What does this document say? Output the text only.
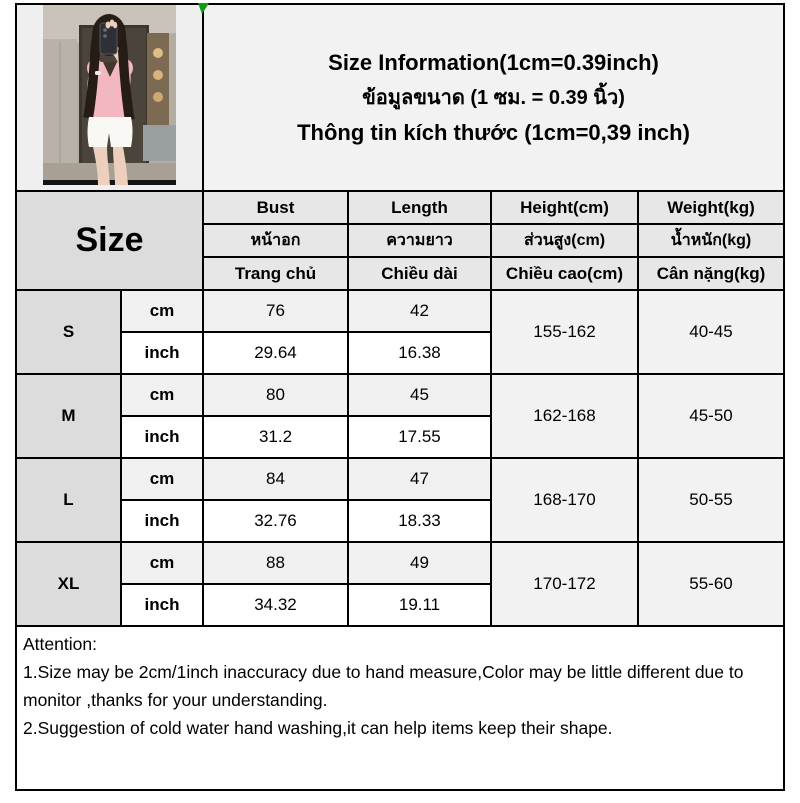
Size Information(1cm=0.39inch)
ข้อมูลขนาด (1 ซม. = 0.39 นิ้ว)
Thông tin kích thước (1cm=0,39 inch)			

Size		Bust	Length	Height(cm)	Weight(kg)
		หน้าอก	ความยาว	ส่วนสูง(cm)	น้ำหนัก(kg)
		Trang chủ	Chiều dài	Chiều cao(cm)	Cân nặng(kg)
S	cm	76	42	155-162	40-45
	inch	29.64	16.38		
M	cm	80	45	162-168	45-50
	inch	31.2	17.55		
L	cm	84	47	168-170	50-55
	inch	32.76	18.33		
XL	cm	88	49	170-172	55-60
	inch	34.32	19.11		

Attention:
1.Size may be 2cm/1inch inaccuracy due to hand measure,Color may be little different due to monitor ,thanks for your understanding.
2.Suggestion of cold water hand washing,it can help items keep their shape.					
